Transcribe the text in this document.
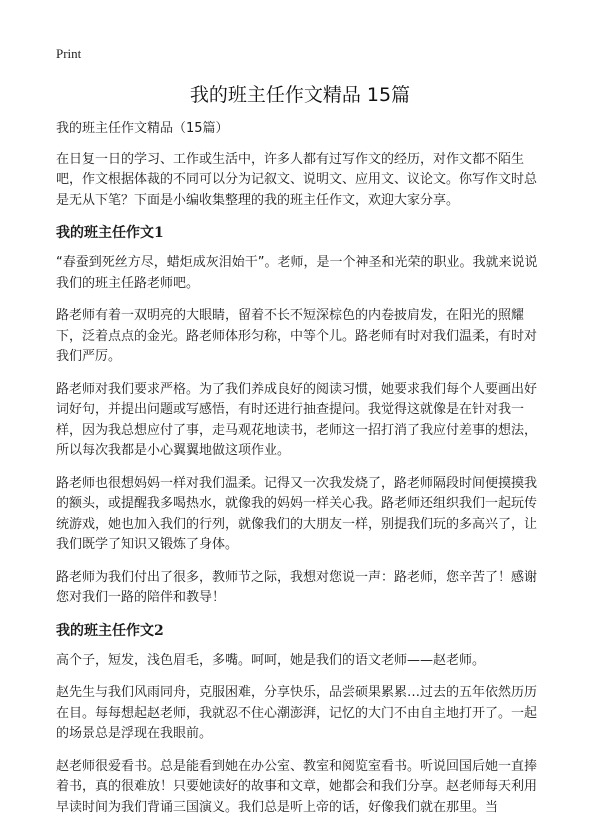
Print
我的班主任作文精品 15篇

我的班主任作文精品（15篇）

在日复一日的学习、工作或生活中，许多人都有过写作文的经历，对作文都不陌生吧，作文根据体裁的不同可以分为记叙文、说明文、应用文、议论文。你写作文时总是无从下笔？下面是小编收集整理的我的班主任作文，欢迎大家分享。

我的班主任作文1

“春蚕到死丝方尽，蜡炬成灰泪始干”。老师，是一个神圣和光荣的职业。我就来说说我们的班主任路老师吧。

路老师有着一双明亮的大眼睛，留着不长不短深棕色的内卷披肩发，在阳光的照耀下，泛着点点的金光。路老师体形匀称，中等个儿。路老师有时对我们温柔，有时对我们严厉。

路老师对我们要求严格。为了我们养成良好的阅读习惯，她要求我们每个人要画出好词好句，并提出问题或写感悟，有时还进行抽查提问。我觉得这就像是在针对我一样，因为我总想应付了事，走马观花地读书，老师这一招打消了我应付差事的想法，所以每次我都是小心翼翼地做这项作业。

路老师也很想妈妈一样对我们温柔。记得又一次我发烧了，路老师隔段时间便摸摸我的额头，或提醒我多喝热水，就像我的妈妈一样关心我。路老师还组织我们一起玩传统游戏，她也加入我们的行列，就像我们的大朋友一样，别提我们玩的多高兴了，让我们既学了知识又锻炼了身体。

路老师为我们付出了很多，教师节之际，我想对您说一声：路老师，您辛苦了！感谢您对我们一路的陪伴和教导！

我的班主任作文2

高个子，短发，浅色眉毛，多嘴。呵呵，她是我们的语文老师——赵老师。

赵先生与我们风雨同舟，克服困难，分享快乐，品尝硕果累累…过去的五年依然历历在目。每每想起赵老师，我就忍不住心潮澎湃，记忆的大门不由自主地打开了。一起的场景总是浮现在我眼前。

赵老师很爱看书。总是能看到她在办公室、教室和阅览室看书。听说回国后她一直捧着书，真的很难放！只要她读好的故事和文章，她都会和我们分享。赵老师每天利用早读时间为我们背诵三国演义。我们总是听上帝的话，好像我们就在那里。当
